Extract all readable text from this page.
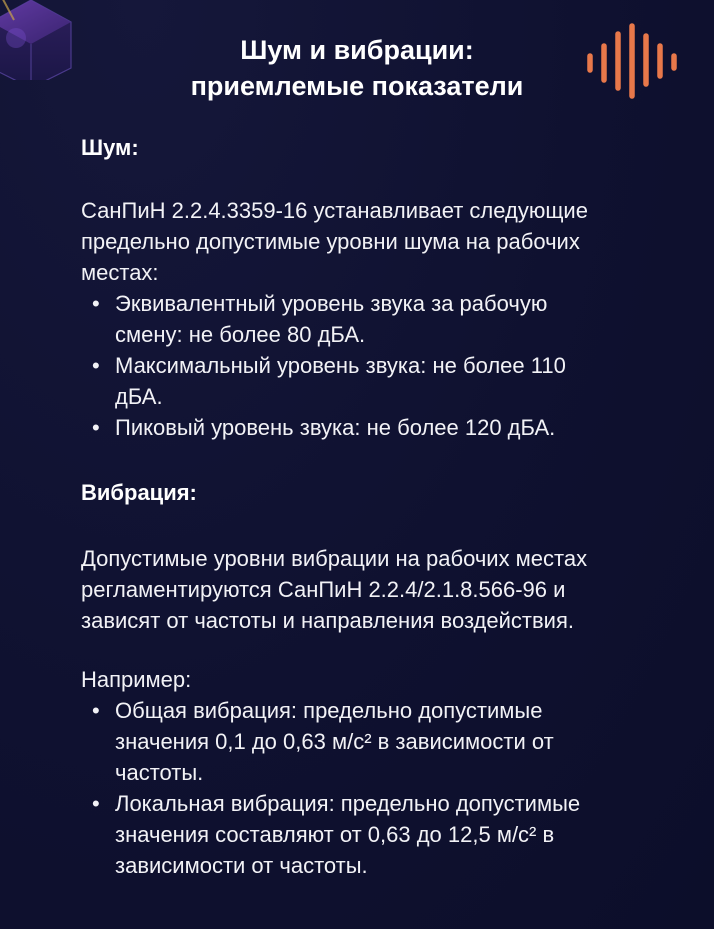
Шум и вибрации:
приемлемые показатели

Шум:

СанПиН 2.2.4.3359-16 устанавливает следующие
предельно допустимые уровни шума на рабочих
местах:

• Эквивалентный уровень звука за рабочую
смену: не более 80 дБА.
• Максимальный уровень звука: не более 110
дБА.
• Пиковый уровень звука: не более 120 дБА.

Вибрация:

Допустимые уровни вибрации на рабочих местах
регламентируются СанПиН 2.2.4/2.1.8.566-96 и
зависят от частоты и направления воздействия.

Например:

• Общая вибрация: предельно допустимые
значения 0,1 до 0,63 м/с² в зависимости от
частоты.
• Локальная вибрация: предельно допустимые
значения составляют от 0,63 до 12,5 м/с² в
зависимости от частоты.
